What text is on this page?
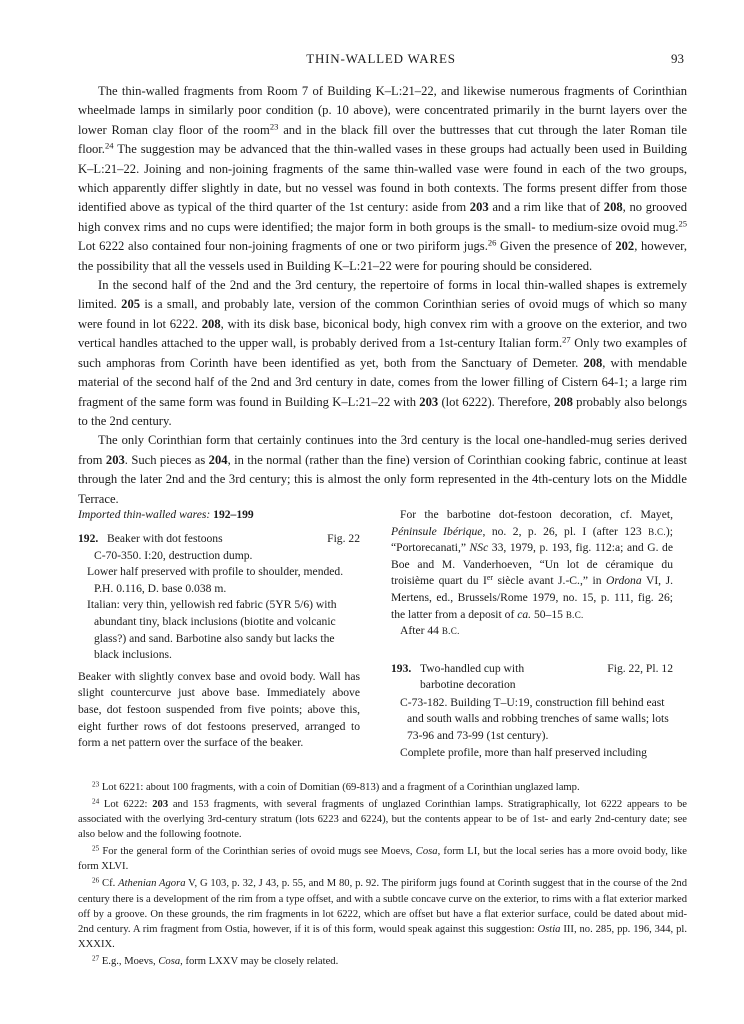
THIN-WALLED WARES	93

The thin-walled fragments from Room 7 of Building K–L:21–22, and likewise numerous fragments of Corinthian wheelmade lamps in similarly poor condition (p. 10 above), were concentrated primarily in the burnt layers over the lower Roman clay floor of the room$^{23}$ and in the black fill over the buttresses that cut through the later Roman tile floor.$^{24}$ The suggestion may be advanced that the thin-walled vases in these groups had actually been used in Building K–L:21–22. Joining and non-joining fragments of the same thin-walled vase were found in each of the two groups, which apparently differ slightly in date, but no vessel was found in both contexts. The forms present differ from those identified above as typical of the third quarter of the 1st century: aside from 203 and a rim like that of 208, no grooved high convex rims and no cups were identified; the major form in both groups is the small- to medium-size ovoid mug.$^{25}$ Lot 6222 also contained four non-joining fragments of one or two piriform jugs.$^{26}$ Given the presence of 202, however, the possibility that all the vessels used in Building K–L:21–22 were for pouring should be considered.

In the second half of the 2nd and the 3rd century, the repertoire of forms in local thin-walled shapes is extremely limited. 205 is a small, and probably late, version of the common Corinthian series of ovoid mugs of which so many were found in lot 6222. 208, with its disk base, biconical body, high convex rim with a groove on the exterior, and two vertical handles attached to the upper wall, is probably derived from a 1st-century Italian form.$^{27}$ Only two examples of such amphoras from Corinth have been identified as yet, both from the Sanctuary of Demeter. 208, with mendable material of the second half of the 2nd and 3rd century in date, comes from the lower filling of Cistern 64-1; a large rim fragment of the same form was found in Building K–L:21–22 with 203 (lot 6222). Therefore, 208 probably also belongs to the 2nd century.

The only Corinthian form that certainly continues into the 3rd century is the local one-handled-mug series derived from 203. Such pieces as 204, in the normal (rather than the fine) version of Corinthian cooking fabric, continue at least through the later 2nd and the 3rd century; this is almost the only form represented in the 4th-century lots on the Middle Terrace.

Imported thin-walled wares: 192–199
192. Beaker with dot festoons	Fig. 22

C-70-350. I:20, destruction dump.

Lower half preserved with profile to shoulder, mended. P.H. 0.116, D. base 0.038 m.

Italian: very thin, yellowish red fabric (5YR 5/6) with abundant tiny, black inclusions (biotite and volcanic glass?) and sand. Barbotine also sandy but lacks the black inclusions.

Beaker with slightly convex base and ovoid body. Wall has slight countercurve just above base. Immediately above base, dot festoon suspended from five points; above this, eight further rows of dot festoons preserved, arranged to form a net pattern over the surface of the beaker.

For the barbotine dot-festoon decoration, cf. Mayet, Péninsule Ibérique, no. 2, p. 26, pl. I (after 123 B.C.); “Portorecanati,” NSc 33, 1979, p. 193, fig. 112:a; and G. de Boe and M. Vanderhoeven, “Un lot de céramique du troisième quart du Ier siècle avant J.-C.,” in Ordona VI, J. Mertens, ed., Brussels/Rome 1979, no. 15, p. 111, fig. 26; the latter from a deposit of ca. 50–15 B.C.

After 44 B.C.

193. Two-handled cup with barbotine decoration
Fig. 22, Pl. 12

C-73-182. Building T–U:19, construction fill behind east and south walls and robbing trenches of same walls; lots 73-96 and 73-99 (1st century).

Complete profile, more than half preserved including

$^{23}$ Lot 6221: about 100 fragments, with a coin of Domitian (69-813) and a fragment of a Corinthian unglazed lamp.

$^{24}$ Lot 6222: 203 and 153 fragments, with several fragments of unglazed Corinthian lamps. Stratigraphically, lot 6222 appears to be associated with the overlying 3rd-century stratum (lots 6223 and 6224), but the contents appear to be of 1st- and early 2nd-century date; see also below and the following footnote.

$^{25}$ For the general form of the Corinthian series of ovoid mugs see Moevs, Cosa, form LI, but the local series has a more ovoid body, like form XLVI.

$^{26}$ Cf. Athenian Agora V, G 103, p. 32, J 43, p. 55, and M 80, p. 92. The piriform jugs found at Corinth suggest that in the course of the 2nd century there is a development of the rim from a type offset, and with a subtle concave curve on the exterior, to rims with a flat exterior marked off by a groove. On these grounds, the rim fragments in lot 6222, which are offset but have a flat exterior surface, could be dated about mid-2nd century. A rim fragment from Ostia, however, if it is of this form, would speak against this suggestion: Ostia III, no. 285, pp. 196, 344, pl. XXXIX.

$^{27}$ E.g., Moevs, Cosa, form LXXV may be closely related.
